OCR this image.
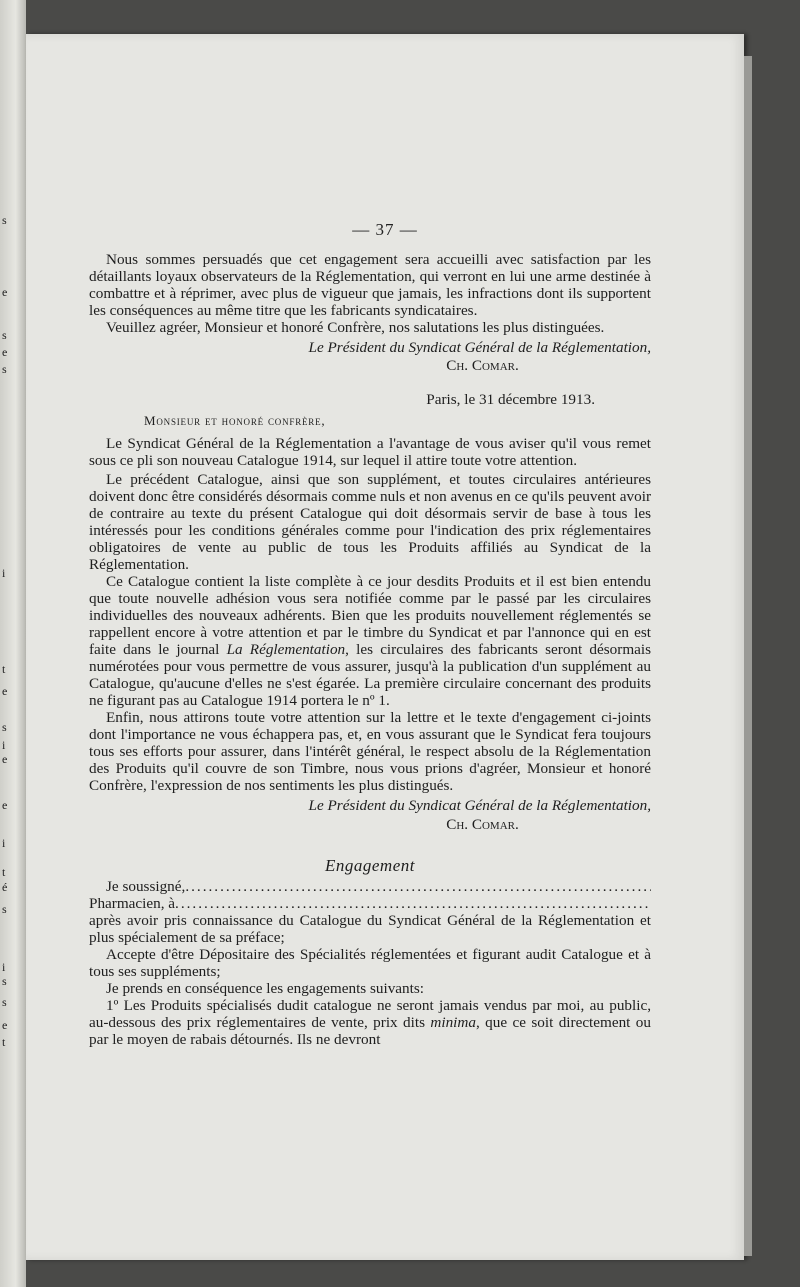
s
e
s
e
s
i
t
e
s
i
e
e
i
t
é
s
i
s
s
e
t
— 37 —

Nous sommes persuadés que cet engagement sera accueilli avec satisfaction par les détaillants loyaux observateurs de la Réglementation, qui verront en lui une arme destinée à combattre et à réprimer, avec plus de vigueur que jamais, les infractions dont ils supportent les conséquences au même titre que les fabricants syndicataires.

Veuillez agréer, Monsieur et honoré Confrère, nos salutations les plus distinguées.

Le Président du Syndicat Général de la Réglementation,

Ch. Comar.

Paris, le 31 décembre 1913.

Monsieur et honoré confrère,

Le Syndicat Général de la Réglementation a l'avantage de vous aviser qu'il vous remet sous ce pli son nouveau Catalogue 1914, sur lequel il attire toute votre attention.

Le précédent Catalogue, ainsi que son supplément, et toutes circulaires antérieures doivent donc être considérés désormais comme nuls et non avenus en ce qu'ils peuvent avoir de contraire au texte du présent Catalogue qui doit désormais servir de base à tous les intéressés pour les conditions générales comme pour l'indication des prix réglementaires obligatoires de vente au public de tous les Produits affiliés au Syndicat de la Réglementation.

Ce Catalogue contient la liste complète à ce jour desdits Produits et il est bien entendu que toute nouvelle adhésion vous sera notifiée comme par le passé par les circulaires individuelles des nouveaux adhérents. Bien que les produits nouvellement réglementés se rappellent encore à votre attention et par le timbre du Syndicat et par l'annonce qui en est faite dans le journal La Réglementation, les circulaires des fabricants seront désormais numérotées pour vous permettre de vous assurer, jusqu'à la publication d'un supplément au Catalogue, qu'aucune d'elles ne s'est égarée. La première circulaire concernant des produits ne figurant pas au Catalogue 1914 portera le nº 1.

Enfin, nous attirons toute votre attention sur la lettre et le texte d'engagement ci-joints dont l'importance ne vous échappera pas, et, en vous assurant que le Syndicat fera toujours tous ses efforts pour assurer, dans l'intérêt général, le respect absolu de la Réglementation des Produits qu'il couvre de son Timbre, nous vous prions d'agréer, Monsieur et honoré Confrère, l'expression de nos sentiments les plus distingués.

Le Président du Syndicat Général de la Réglementation,

Ch. Comar.

Engagement

Je soussigné,
.....
Pharmacien, à
.....

après avoir pris connaissance du Catalogue du Syndicat Général de la Réglementation et plus spécialement de sa préface;

Accepte d'être Dépositaire des Spécialités réglementées et figurant audit Catalogue et à tous ses suppléments;

Je prends en conséquence les engagements suivants:

1º Les Produits spécialisés dudit catalogue ne seront jamais vendus par moi, au public, au-dessous des prix réglementaires de vente, prix dits minima, que ce soit directement ou par le moyen de rabais détournés. Ils ne devront
